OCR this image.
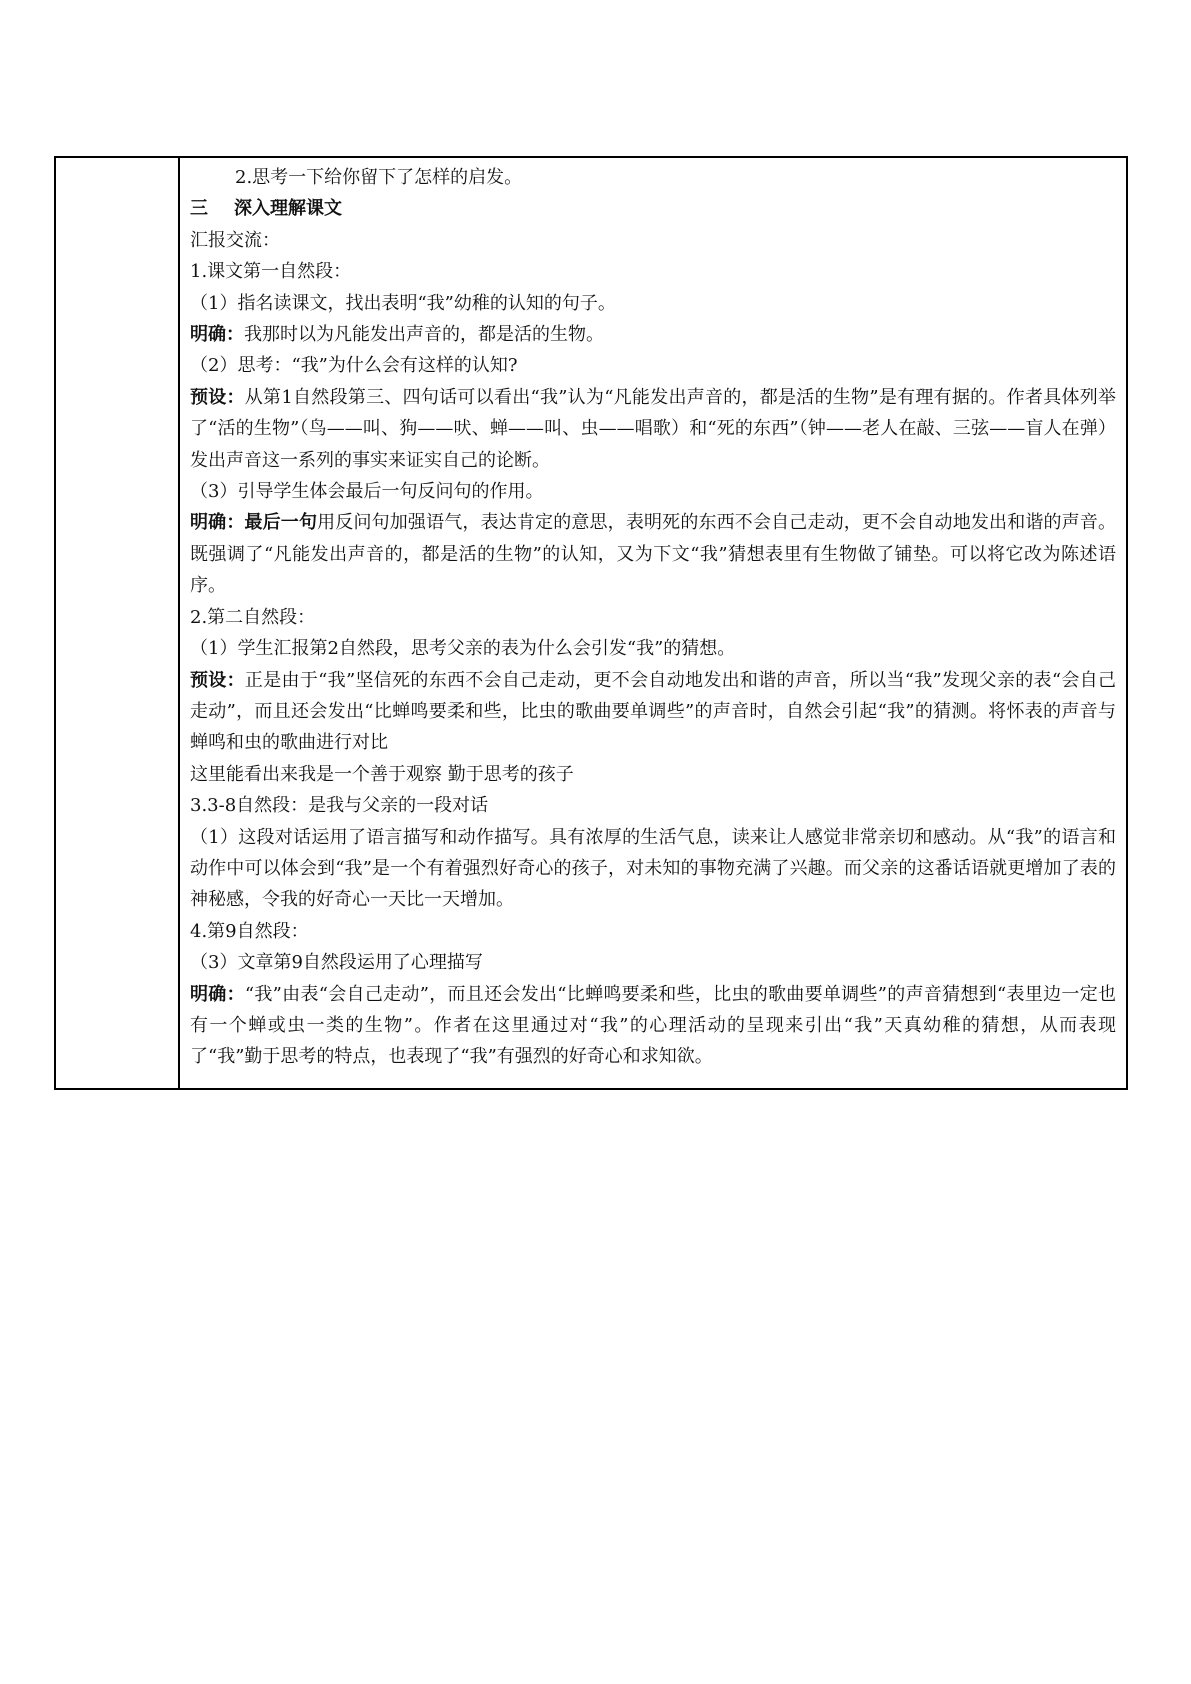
2.思考一下给你留下了怎样的启发。
三 深入理解课文
汇报交流：
1.课文第一自然段：
（1）指名读课文，找出表明“我”幼稚的认知的句子。
明确：我那时以为凡能发出声音的，都是活的生物。
（2）思考：“我”为什么会有这样的认知?
预设：从第1自然段第三、四句话可以看出“我”认为“凡能发出声音的，都是活的生物”是有理有据的。作者具体列举了“活的生物”（鸟——叫、狗——吠、蝉——叫、虫——唱歌）和“死的东西”（钟——老人在敲、三弦——盲人在弹）发出声音这一系列的事实来证实自己的论断。
（3）引导学生体会最后一句反问句的作用。
明确：最后一句用反问句加强语气，表达肯定的意思，表明死的东西不会自己走动，更不会自动地发出和谐的声音。既强调了“凡能发出声音的，都是活的生物”的认知，又为下文“我”猜想表里有生物做了铺垫。可以将它改为陈述语序。
2.第二自然段：
（1）学生汇报第2自然段，思考父亲的表为什么会引发“我”的猜想。
预设：正是由于“我”坚信死的东西不会自己走动，更不会自动地发出和谐的声音，所以当“我”发现父亲的表“会自己走动”，而且还会发出“比蝉鸣要柔和些，比虫的歌曲要单调些”的声音时，自然会引起“我”的猜测。将怀表的声音与蝉鸣和虫的歌曲进行对比
这里能看出来我是一个善于观察 勤于思考的孩子
3.3-8自然段：是我与父亲的一段对话
（1）这段对话运用了语言描写和动作描写。具有浓厚的生活气息，读来让人感觉非常亲切和感动。从“我”的语言和动作中可以体会到“我”是一个有着强烈好奇心的孩子，对未知的事物充满了兴趣。而父亲的这番话语就更增加了表的神秘感，令我的好奇心一天比一天增加。
4.第9自然段：
（3）文章第9自然段运用了心理描写
明确：“我”由表“会自己走动”，而且还会发出“比蝉鸣要柔和些，比虫的歌曲要单调些”的声音猜想到“表里边一定也有一个蝉或虫一类的生物”。作者在这里通过对“我”的心理活动的呈现来引出“我”天真幼稚的猜想，从而表现了“我”勤于思考的特点，也表现了“我”有强烈的好奇心和求知欲。
